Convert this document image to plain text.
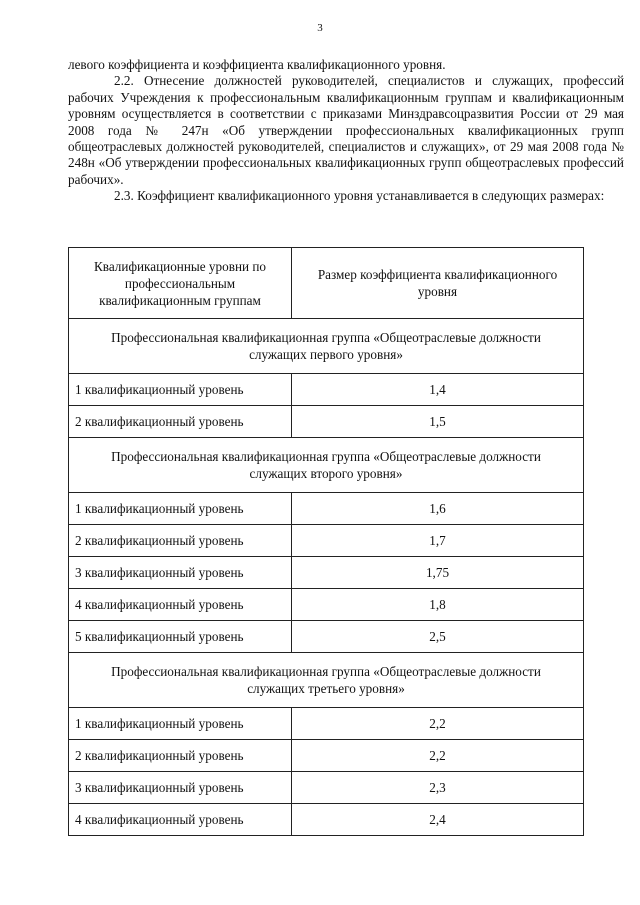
3

левого коэффициента и коэффициента квалификационного уровня.

2.2. Отнесение должностей руководителей, специалистов и служащих, профессий рабочих Учреждения к профессиональным квалификационным группам и квалификационным уровням осуществляется в соответствии с приказами Минздравсоцразвития России от 29 мая 2008 года № 247н «Об утверждении профессиональных квалификационных групп общеотраслевых должностей руководителей, специалистов и служащих», от 29 мая 2008 года № 248н «Об утверждении профессиональных квалификационных групп общеотраслевых профессий рабочих».

2.3. Коэффициент квалификационного уровня устанавливается в следующих размерах:

Квалификационные уровни по профессиональным квалификационным группам	Размер коэффициента квалификационного уровня
Профессиональная квалификационная группа «Общеотраслевые должности служащих первого уровня»	
1 квалификационный уровень	1,4
2 квалификационный уровень	1,5
Профессиональная квалификационная группа «Общеотраслевые должности служащих второго уровня»	
1 квалификационный уровень	1,6
2 квалификационный уровень	1,7
3 квалификационный уровень	1,75
4 квалификационный уровень	1,8
5 квалификационный уровень	2,5
Профессиональная квалификационная группа «Общеотраслевые должности служащих третьего уровня»	
1 квалификационный уровень	2,2
2 квалификационный уровень	2,2
3 квалификационный уровень	2,3
4 квалификационный уровень	2,4
